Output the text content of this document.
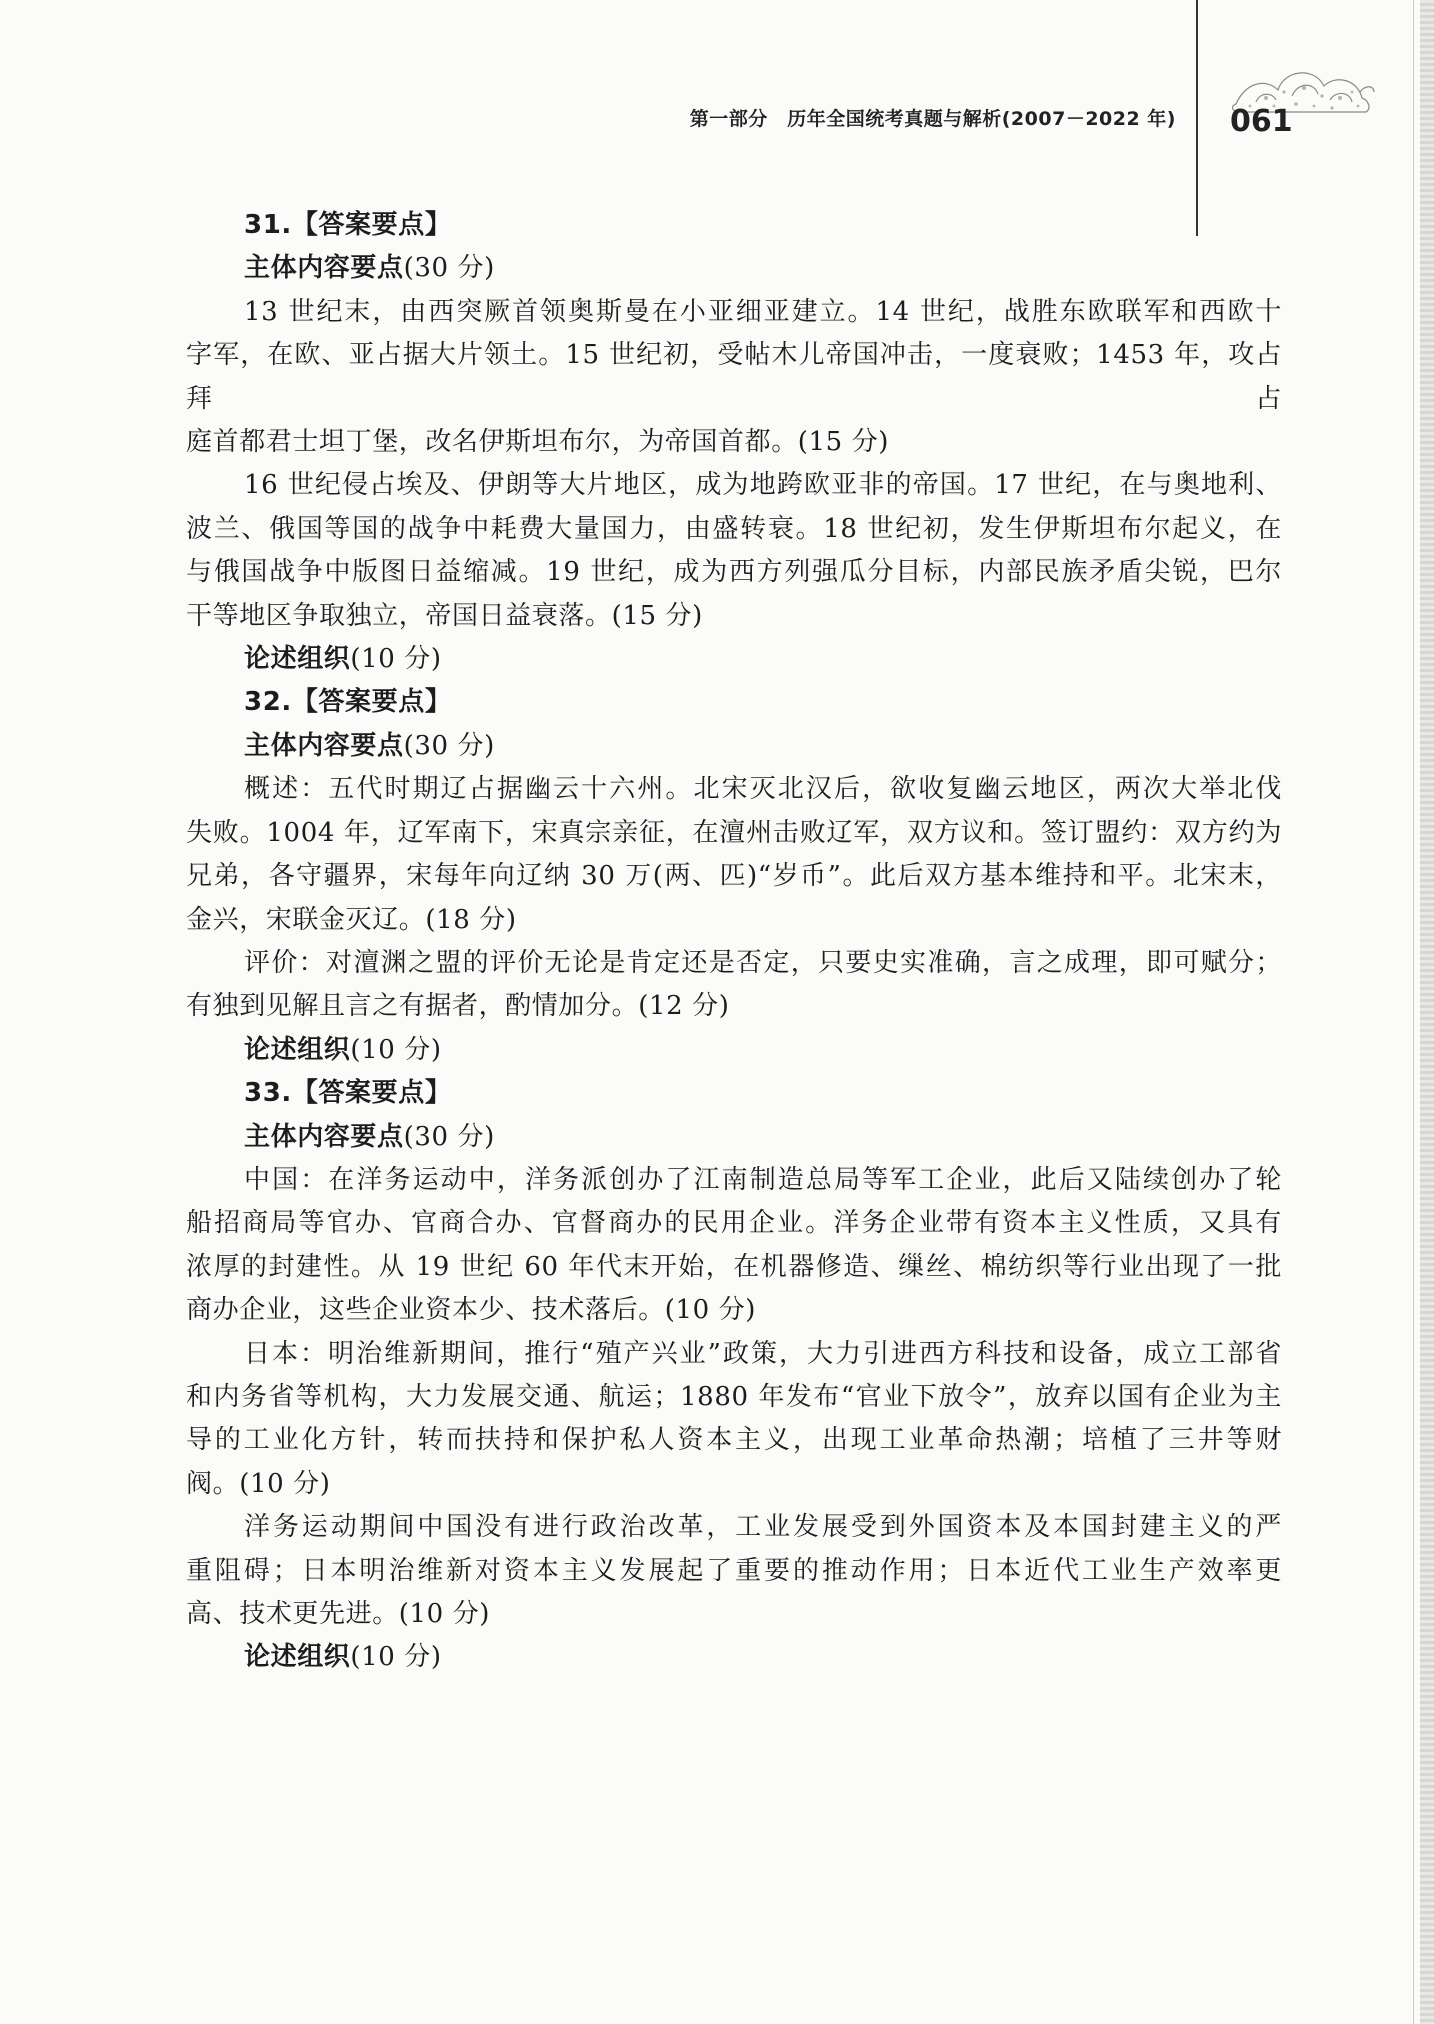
第一部分　历年全国统考真题与解析(2007－2022 年) 061
31.【答案要点】
主体内容要点(30 分)
13 世纪末，由西突厥首领奥斯曼在小亚细亚建立。14 世纪，战胜东欧联军和西欧十
字军，在欧、亚占据大片领土。15 世纪初，受帖木儿帝国冲击，一度衰败；1453 年，攻占拜占
庭首都君士坦丁堡，改名伊斯坦布尔，为帝国首都。(15 分)
16 世纪侵占埃及、伊朗等大片地区，成为地跨欧亚非的帝国。17 世纪，在与奥地利、
波兰、俄国等国的战争中耗费大量国力，由盛转衰。18 世纪初，发生伊斯坦布尔起义，在
与俄国战争中版图日益缩减。19 世纪，成为西方列强瓜分目标，内部民族矛盾尖锐，巴尔
干等地区争取独立，帝国日益衰落。(15 分)
论述组织(10 分)
32.【答案要点】
主体内容要点(30 分)
概述：五代时期辽占据幽云十六州。北宋灭北汉后，欲收复幽云地区，两次大举北伐
失败。1004 年，辽军南下，宋真宗亲征，在澶州击败辽军，双方议和。签订盟约：双方约为
兄弟，各守疆界，宋每年向辽纳 30 万(两、匹)“岁币”。此后双方基本维持和平。北宋末，
金兴，宋联金灭辽。(18 分)
评价：对澶渊之盟的评价无论是肯定还是否定，只要史实准确，言之成理，即可赋分；
有独到见解且言之有据者，酌情加分。(12 分)
论述组织(10 分)
33.【答案要点】
主体内容要点(30 分)
中国：在洋务运动中，洋务派创办了江南制造总局等军工企业，此后又陆续创办了轮
船招商局等官办、官商合办、官督商办的民用企业。洋务企业带有资本主义性质，又具有
浓厚的封建性。从 19 世纪 60 年代末开始，在机器修造、缫丝、棉纺织等行业出现了一批
商办企业，这些企业资本少、技术落后。(10 分)
日本：明治维新期间，推行“殖产兴业”政策，大力引进西方科技和设备，成立工部省
和内务省等机构，大力发展交通、航运；1880 年发布“官业下放令”，放弃以国有企业为主
导的工业化方针，转而扶持和保护私人资本主义，出现工业革命热潮；培植了三井等财
阀。(10 分)
洋务运动期间中国没有进行政治改革，工业发展受到外国资本及本国封建主义的严
重阻碍；日本明治维新对资本主义发展起了重要的推动作用；日本近代工业生产效率更
高、技术更先进。(10 分)
论述组织(10 分)
